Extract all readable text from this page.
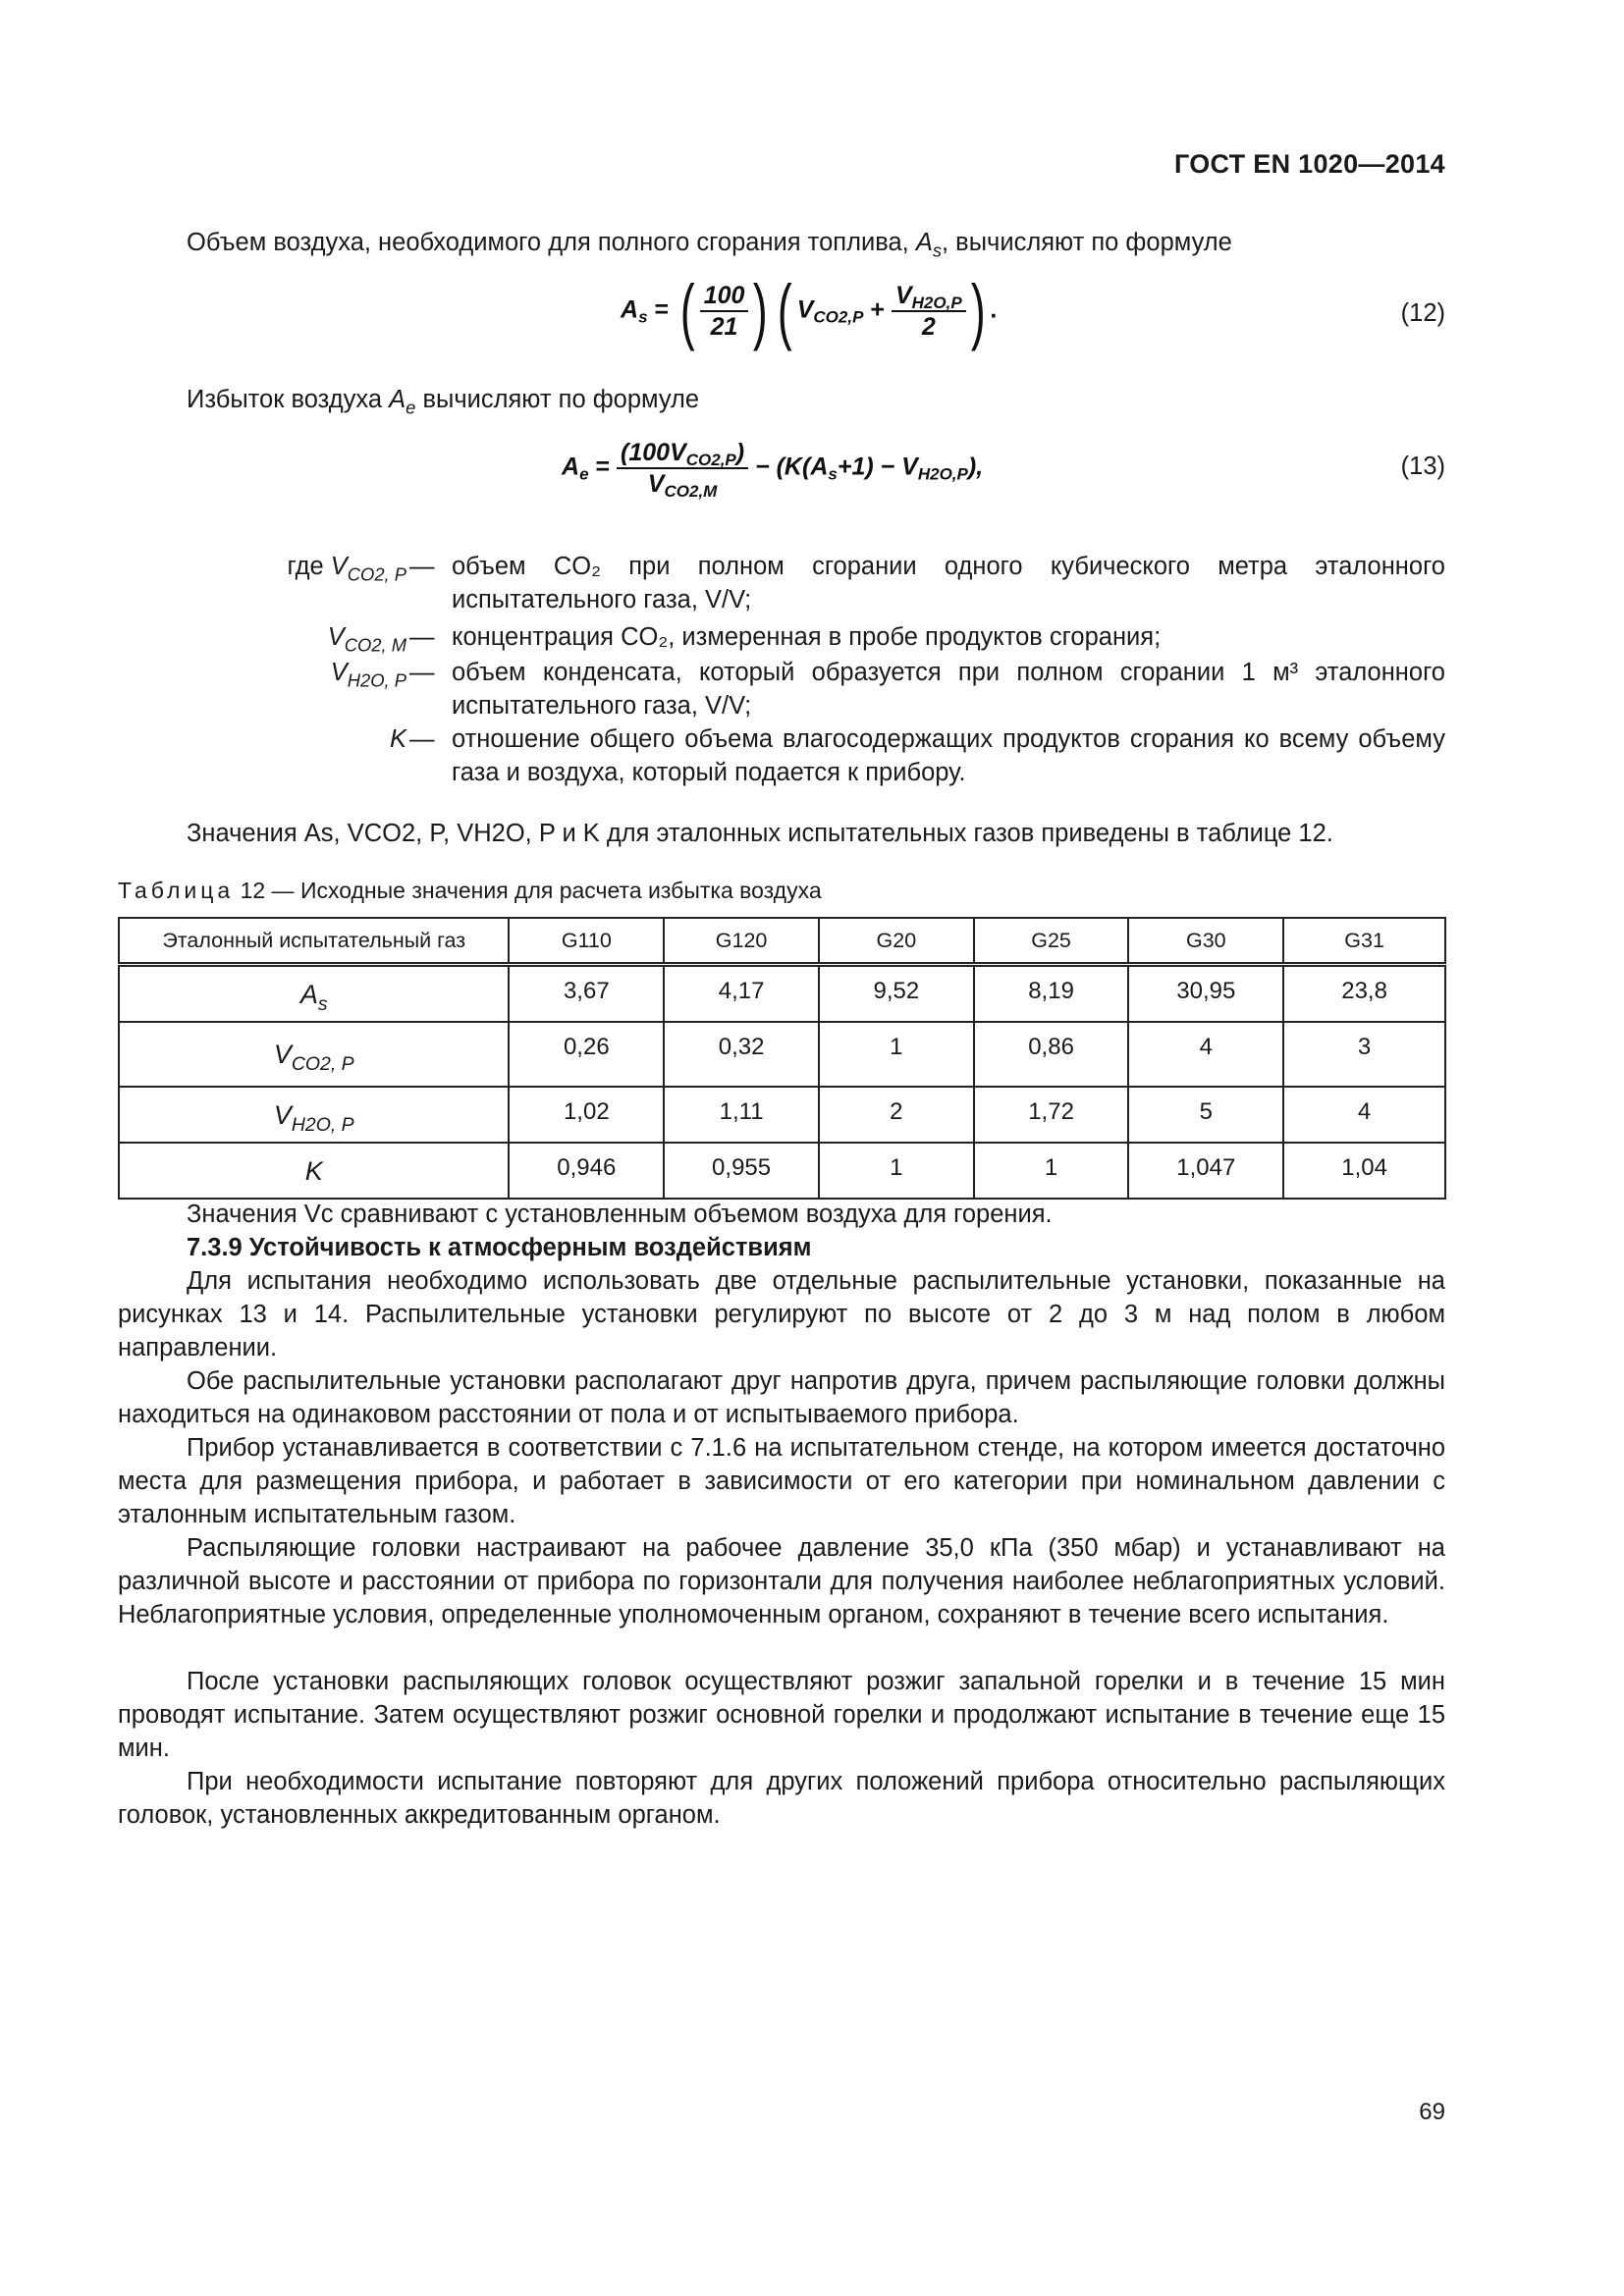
ГОСТ EN 1020—2014
Объем воздуха, необходимого для полного сгорания топлива, $A_s$, вычисляют по формуле
$A_s$ = ( $\frac{100}{21}$ ) ( $V_{CO2,P} + \frac{V_{H2O,P}}{2}$ ) .	(12)
Избыток воздуха $A_e$ вычисляют по формуле
$A_e = \frac{(100V_{CO2,P})}{V_{CO2,M}} - (K(A_s+1) - V_{H2O,P})$,	(13)
где $V_{CO2, P}$ — объем CO₂ при полном сгорании одного кубического метра эталонного испытательного газа, V/V;
$V_{CO2, M}$ — концентрация CO₂, измеренная в пробе продуктов сгорания;
$V_{H2O, P}$ — объем конденсата, который образуется при полном сгорании 1 м³ эталонного испытательного газа, V/V;
K — отношение общего объема влагосодержащих продуктов сгорания ко всему объему газа и воздуха, который подается к прибору.
Значения As, VCO2, P, VH2O, P и K для эталонных испытательных газов приведены в таблице 12.
Таблица 12 — Исходные значения для расчета избытка воздуха
Эталонный испытательный газ	G110	G120	G20	G25	G30	G31
$A_s$	3,67	4,17	9,52	8,19	30,95	23,8
$V_{CO2, P}$	0,26	0,32	1	0,86	4	3
$V_{H2O, P}$	1,02	1,11	2	1,72	5	4
K	0,946	0,955	1	1	1,047	1,04
Значения Vc сравнивают с установленным объемом воздуха для горения.
7.3.9 Устойчивость к атмосферным воздействиям
Для испытания необходимо использовать две отдельные распылительные установки, показанные на рисунках 13 и 14. Распылительные установки регулируют по высоте от 2 до 3 м над полом в любом направлении.
Обе распылительные установки располагают друг напротив друга, причем распыляющие головки должны находиться на одинаковом расстоянии от пола и от испытываемого прибора.
Прибор устанавливается в соответствии с 7.1.6 на испытательном стенде, на котором имеется достаточно места для размещения прибора, и работает в зависимости от его категории при номинальном давлении с эталонным испытательным газом.
Распыляющие головки настраивают на рабочее давление 35,0 кПа (350 мбар) и устанавливают на различной высоте и расстоянии от прибора по горизонтали для получения наиболее неблагоприятных условий. Неблагоприятные условия, определенные уполномоченным органом, сохраняют в течение всего испытания.
После установки распыляющих головок осуществляют розжиг запальной горелки и в течение 15 мин проводят испытание. Затем осуществляют розжиг основной горелки и продолжают испытание в течение еще 15 мин.
При необходимости испытание повторяют для других положений прибора относительно распыляющих головок, установленных аккредитованным органом.
69
